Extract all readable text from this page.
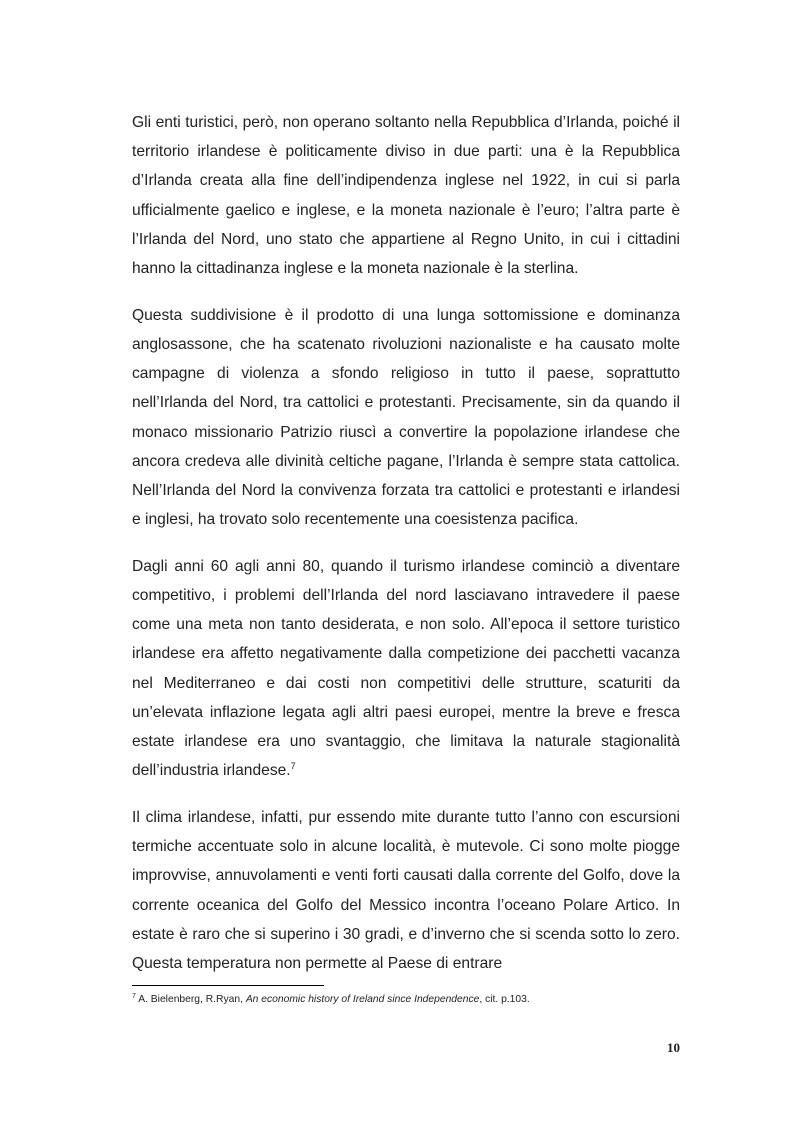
Gli enti turistici, però, non operano soltanto nella Repubblica d’Irlanda, poiché il territorio irlandese è politicamente diviso in due parti: una è la Repubblica d’Irlanda creata alla fine dell’indipendenza inglese nel 1922, in cui si parla ufficialmente gaelico e inglese, e la moneta nazionale è l’euro; l’altra parte è l’Irlanda del Nord, uno stato che appartiene al Regno Unito, in cui i cittadini hanno la cittadinanza inglese e la moneta nazionale è la sterlina.

Questa suddivisione è il prodotto di una lunga sottomissione e dominanza anglosassone, che ha scatenato rivoluzioni nazionaliste e ha causato molte campagne di violenza a sfondo religioso in tutto il paese, soprattutto nell’Irlanda del Nord, tra cattolici e protestanti. Precisamente, sin da quando il monaco missionario Patrizio riuscì a convertire la popolazione irlandese che ancora credeva alle divinità celtiche pagane, l’Irlanda è sempre stata cattolica. Nell’Irlanda del Nord la convivenza forzata tra cattolici e protestanti e irlandesi e inglesi, ha trovato solo recentemente una coesistenza pacifica.

Dagli anni 60 agli anni 80, quando il turismo irlandese cominciò a diventare competitivo, i problemi dell’Irlanda del nord lasciavano intravedere il paese come una meta non tanto desiderata, e non solo. All’epoca il settore turistico irlandese era affetto negativamente dalla competizione dei pacchetti vacanza nel Mediterraneo e dai costi non competitivi delle strutture, scaturiti da un’elevata inflazione legata agli altri paesi europei, mentre la breve e fresca estate irlandese era uno svantaggio, che limitava la naturale stagionalità dell’industria irlandese.$^7$

Il clima irlandese, infatti, pur essendo mite durante tutto l’anno con escursioni termiche accentuate solo in alcune località, è mutevole. Ci sono molte piogge improvvise, annuvolamenti e venti forti causati dalla corrente del Golfo, dove la corrente oceanica del Golfo del Messico incontra l’oceano Polare Artico. In estate è raro che si superino i 30 gradi, e d’inverno che si scenda sotto lo zero. Questa temperatura non permette al Paese di entrare

$^7$ A. Bielenberg, R.Ryan, An economic history of Ireland since Independence, cit. p.103.
10
